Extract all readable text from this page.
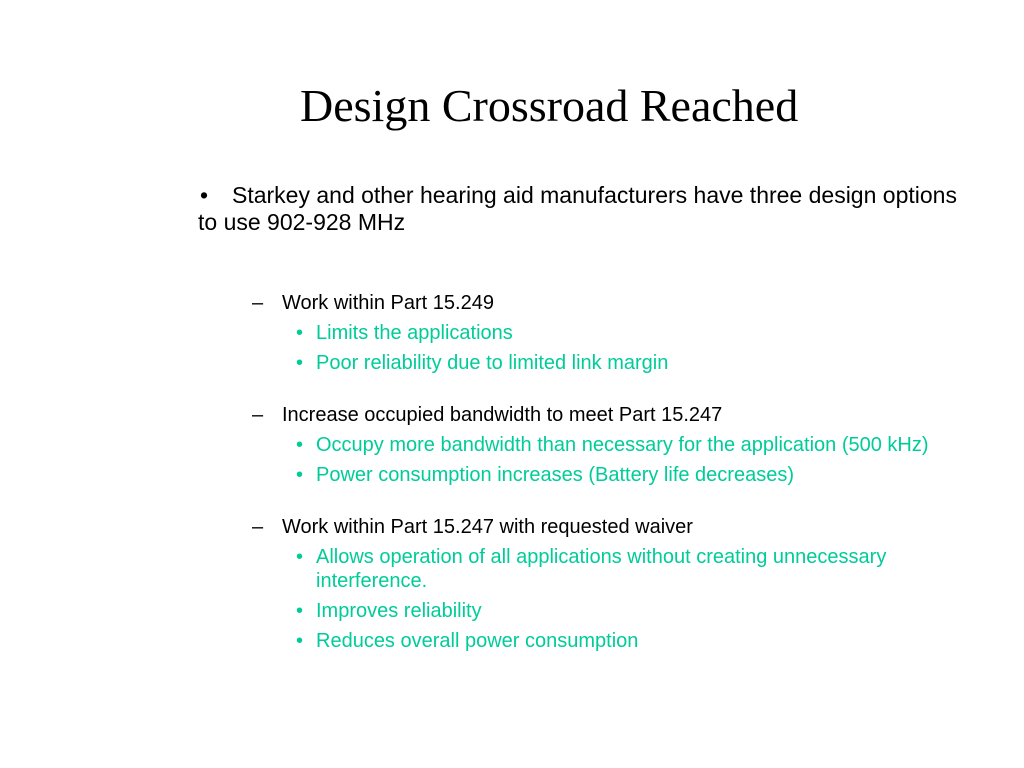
Design Crossroad Reached
• Starkey and other hearing aid manufacturers have three design options to use 902-928 MHz
– Work within Part 15.249
• Limits the applications
• Poor reliability due to limited link margin
– Increase occupied bandwidth to meet Part 15.247
• Occupy more bandwidth than necessary for the application (500 kHz)
• Power consumption increases (Battery life decreases)
– Work within Part 15.247 with requested waiver
• Allows operation of all applications without creating unnecessary interference.
• Improves reliability
• Reduces overall power consumption
